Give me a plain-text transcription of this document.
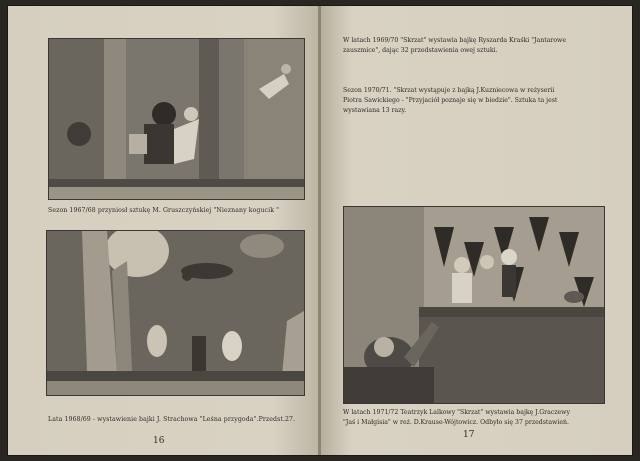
Sezon 1967/68 przyniosł sztukę M. Gruszczyńskiej "Nieznany kogucik "
Lata 1968/69 - wystawienie bajki J. Strachowa "Leśna przygoda".Przedst.27.
16
W latach 1969/70 "Skrzat" wystawia bajkę Ryszarda Kraśki "Jantarowe
zauszmice", dając 32 przedstawienia owej sztuki.
Sezon 1970/71. "Skrzat wystąpuje z bajką J.Kuzniecowa w reżyserii
Piotra Sawickiego - "Przyjaciół poznaje się w biedzie". Sztuka ta jest
wystawiana 13 razy.
W latach 1971/72 Teatrzyk Lalkowy "Skrzat" wystawia bajkę J.Graczewy
"Jaś i Małgisia" w reż. D.Krause-Wójtowicz. Odbyło się 37 przedstawień.
17
